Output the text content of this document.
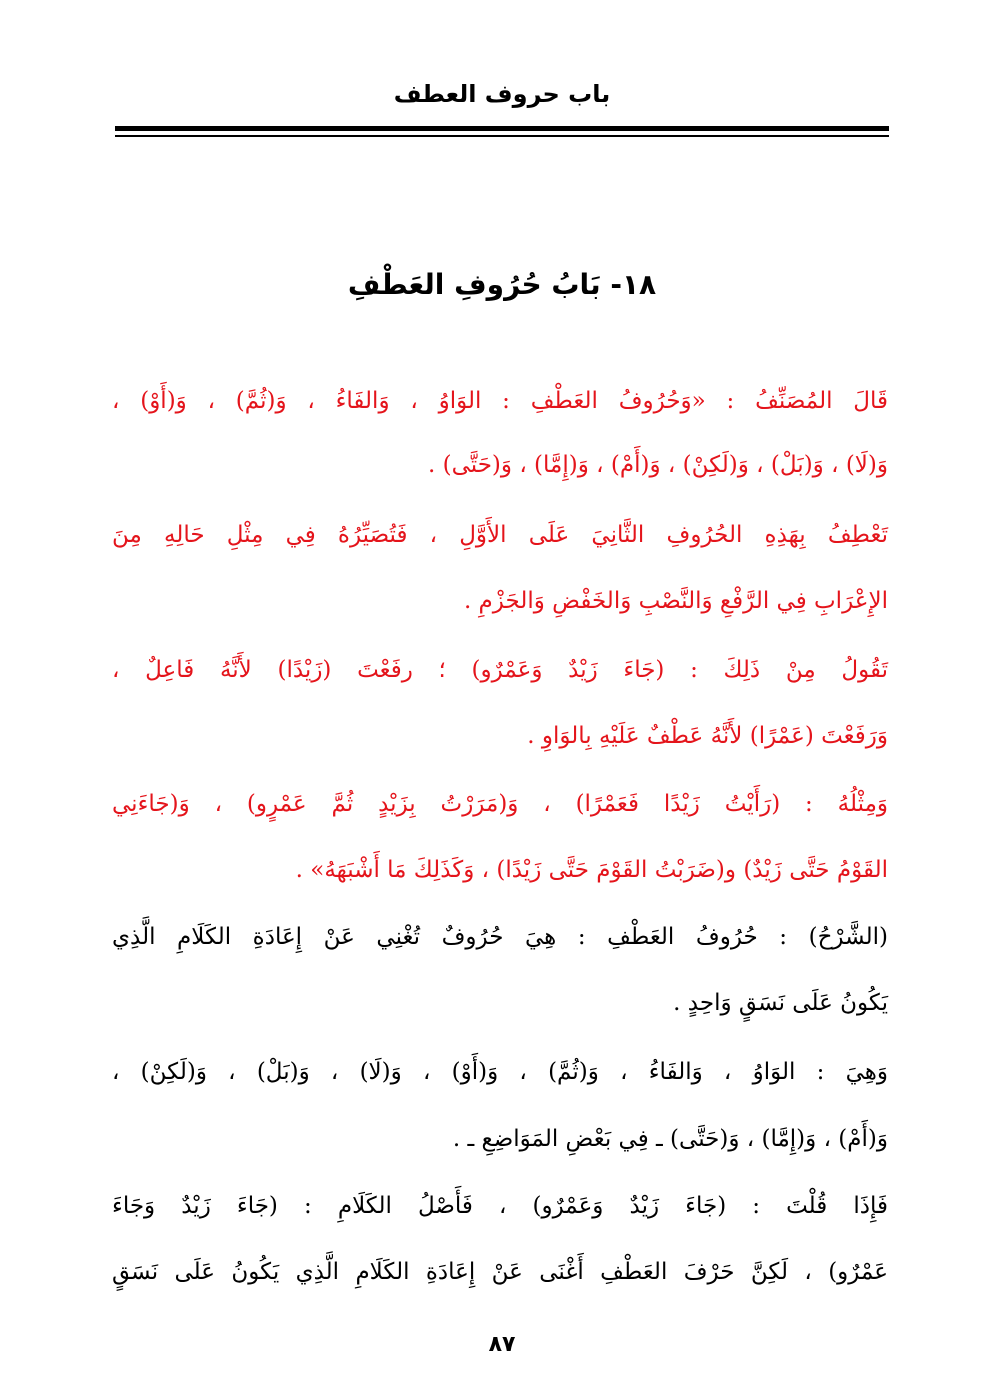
باب حروف العطف
١٨- بَابُ حُرُوفِ العَطْفِ
قَالَ المُصَنِّفُ : «وَحُرُوفُ العَطْفِ : الوَاوُ ، وَالفَاءُ ، وَ(ثُمَّ) ، وَ(أَوْ) ،
وَ(لَا) ، وَ(بَلْ) ، وَ(لَكِنْ) ، وَ(أَمْ) ، وَ(إِمَّا) ، وَ(حَتَّى) .
تَعْطِفُ بِهَذِهِ الحُرُوفِ الثَّانِيَ عَلَى الأَوَّلِ ، فَتُصَيِّرُهُ فِي مِثْلِ حَالِهِ مِنَ
الإِعْرَابِ فِي الرَّفْعِ وَالنَّصْبِ وَالخَفْضِ وَالجَزْمِ .
تَقُولُ مِنْ ذَلِكَ : (جَاءَ زَيْدٌ وَعَمْرٌو) ؛ رفَعْتَ (زَيْدًا) لأَنَّهُ فَاعِلٌ ،
وَرَفَعْتَ (عَمْرًا) لأَنَّهُ عَطْفٌ عَلَيْهِ بِالوَاوِ .
وَمِثْلُهُ : (رَأَيْتُ زَيْدًا فَعَمْرًا) ، وَ(مَرَرْتُ بِزَيْدٍ ثُمَّ عَمْرٍو) ، وَ(جَاءَنِي
القَوْمُ حَتَّى زَيْدٌ) و(ضَرَبْتُ القَوْمَ حَتَّى زَيْدًا) ، وَكَذَلِكَ مَا أَشْبَهَهُ» .
(الشَّرْحُ) : حُرُوفُ العَطْفِ : هِيَ حُرُوفٌ تُغْنِي عَنْ إِعَادَةِ الكَلَامِ الَّذِي
يَكُونُ عَلَى نَسَقٍ وَاحِدٍ .
وَهِيَ : الوَاوُ ، وَالفَاءُ ، وَ(ثُمَّ) ، وَ(أَوْ) ، وَ(لَا) ، وَ(بَلْ) ، وَ(لَكِنْ) ،
وَ(أَمْ) ، وَ(إِمَّا) ، وَ(حَتَّى) ـ فِي بَعْضِ المَوَاضِعِ ـ .
فَإِذَا قُلْتَ : (جَاءَ زَيْدٌ وَعَمْرٌو) ، فَأَصْلُ الكَلَامِ : (جَاءَ زَيْدٌ وَجَاءَ
عَمْرٌو) ، لَكِنَّ حَرْفَ العَطْفِ أَغْنَى عَنْ إِعَادَةِ الكَلَامِ الَّذِي يَكُونُ عَلَى نَسَقٍ
٨٧
